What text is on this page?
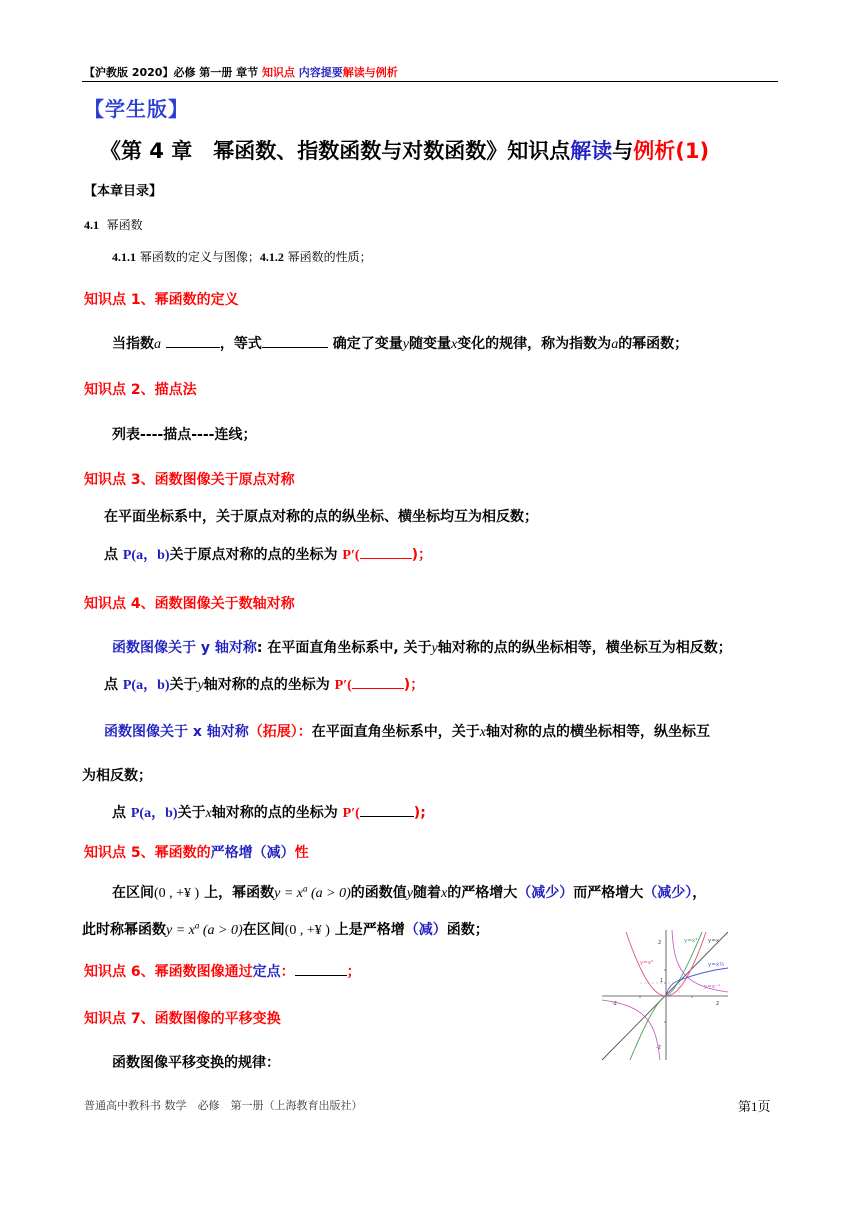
【沪教版 2020】必修 第一册 章节 知识点 内容提要解读与例析
【学生版】
《第 4 章　幂函数、指数函数与对数函数》知识点解读与例析(1)
【本章目录】
4.1 幂函数
4.1.1 幂函数的定义与图像；4.1.2 幂函数的性质；
知识点 1、幂函数的定义
当指数a	，等式	确定了变量y随变量x变化的规律，称为指数为a的幂函数；
知识点 2、描点法
列表----描点----连线；
知识点 3、函数图像关于原点对称
在平面坐标系中，关于原点对称的点的纵坐标、横坐标均互为相反数；
点 P(a，b)关于原点对称的点的坐标为 P′(	)；
知识点 4、函数图像关于数轴对称
函数图像关于 y 轴对称: 在平面直角坐标系中, 关于y轴对称的点的纵坐标相等，横坐标互为相反数；
点 P(a，b)关于y轴对称的点的坐标为 P′(	)；
函数图像关于 x 轴对称（拓展）：在平面直角坐标系中，关于x轴对称的点的横坐标相等，纵坐标互
为相反数；
点 P(a，b)关于x轴对称的点的坐标为 P′(	);
知识点 5、幂函数的严格增（减）性
在区间(0 , +¥ ) 上，幂函数$y = x^a$ (a > 0)的函数值y随着x的严格增大（减少）而严格增大（减少），
此时称幂函数$y = x^a$ (a > 0)在区间(0 , +¥ ) 上是严格增（减）函数；
知识点 6、幂函数图像通过定点：	；
知识点 7、函数图像的平移变换
函数图像平移变换的规律：
-2	2
2
1
-2
y=x³ y=x
y=x²	y=x½
y=x⁻¹
普通高中教科书 数学　必修　第一册（上海教育出版社）	第1页
